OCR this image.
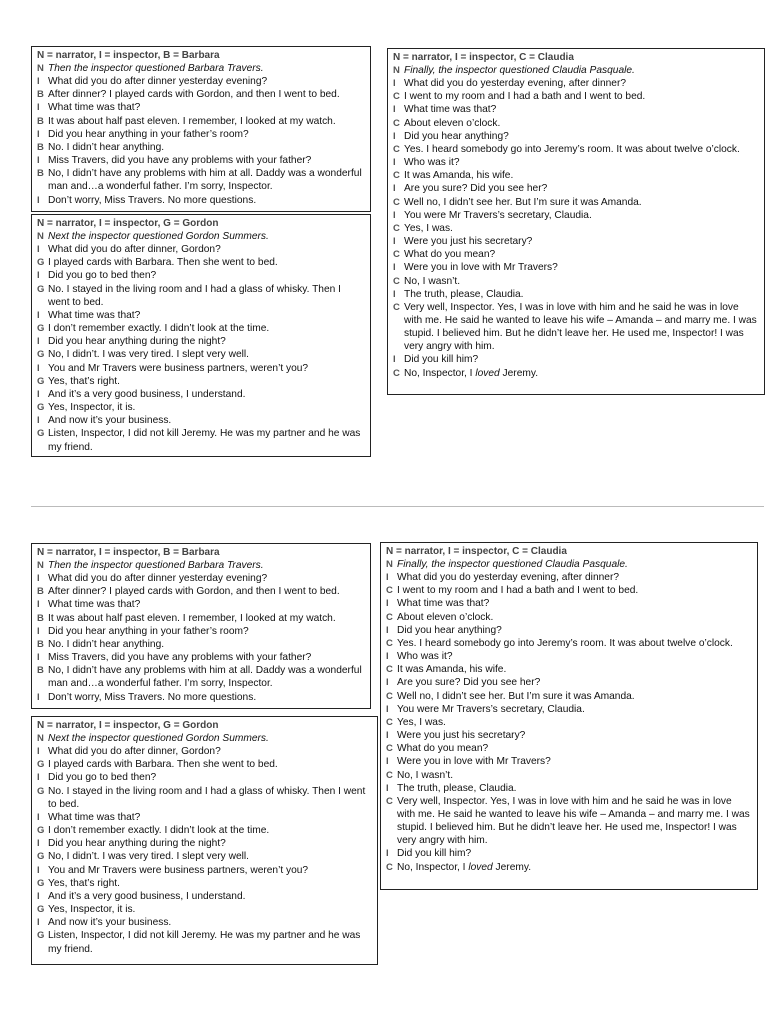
N = narrator, I = inspector, B = Barbara
N Then the inspector questioned Barbara Travers.
I What did you do after dinner yesterday evening?
B After dinner? I played cards with Gordon, and then I went to bed.
I What time was that?
B It was about half past eleven. I remember, I looked at my watch.
I Did you hear anything in your father’s room?
B No. I didn’t hear anything.
I Miss Travers, did you have any problems with your father?
B No, I didn’t have any problems with him at all. Daddy was a wonderful man and…a wonderful father. I’m sorry, Inspector.
I Don’t worry, Miss Travers. No more questions.
N = narrator, I = inspector, G = Gordon
N Next the inspector questioned Gordon Summers.
I What did you do after dinner, Gordon?
G I played cards with Barbara. Then she went to bed.
I Did you go to bed then?
G No. I stayed in the living room and I had a glass of whisky. Then I went to bed.
I What time was that?
G I don’t remember exactly. I didn’t look at the time.
I Did you hear anything during the night?
G No, I didn’t. I was very tired. I slept very well.
I You and Mr Travers were business partners, weren’t you?
G Yes, that’s right.
I And it’s a very good business, I understand.
G Yes, Inspector, it is.
I And now it’s your business.
G Listen, Inspector, I did not kill Jeremy. He was my partner and he was my friend.
N = narrator, I = inspector, C = Claudia
N Finally, the inspector questioned Claudia Pasquale.
I What did you do yesterday evening, after dinner?
C I went to my room and I had a bath and I went to bed.
I What time was that?
C About eleven o’clock.
I Did you hear anything?
C Yes. I heard somebody go into Jeremy’s room. It was about twelve o’clock.
I Who was it?
C It was Amanda, his wife.
I Are you sure? Did you see her?
C Well no, I didn’t see her. But I’m sure it was Amanda.
I You were Mr Travers’s secretary, Claudia.
C Yes, I was.
I Were you just his secretary?
C What do you mean?
I Were you in love with Mr Travers?
C No, I wasn’t.
I The truth, please, Claudia.
C Very well, Inspector. Yes, I was in love with him and he said he was in love with me. He said he wanted to leave his wife – Amanda – and marry me. I was stupid. I believed him. But he didn’t leave her. He used me, Inspector! I was very angry with him.
I Did you kill him?
C No, Inspector, I loved Jeremy.
N = narrator, I = inspector, B = Barbara
N Then the inspector questioned Barbara Travers.
I What did you do after dinner yesterday evening?
B After dinner? I played cards with Gordon, and then I went to bed.
I What time was that?
B It was about half past eleven. I remember, I looked at my watch.
I Did you hear anything in your father’s room?
B No. I didn’t hear anything.
I Miss Travers, did you have any problems with your father?
B No, I didn’t have any problems with him at all. Daddy was a wonderful man and…a wonderful father. I’m sorry, Inspector.
I Don’t worry, Miss Travers. No more questions.
N = narrator, I = inspector, G = Gordon
N Next the inspector questioned Gordon Summers.
I What did you do after dinner, Gordon?
G I played cards with Barbara. Then she went to bed.
I Did you go to bed then?
G No. I stayed in the living room and I had a glass of whisky. Then I went to bed.
I What time was that?
G I don’t remember exactly. I didn’t look at the time.
I Did you hear anything during the night?
G No, I didn’t. I was very tired. I slept very well.
I You and Mr Travers were business partners, weren’t you?
G Yes, that’s right.
I And it’s a very good business, I understand.
G Yes, Inspector, it is.
I And now it’s your business.
G Listen, Inspector, I did not kill Jeremy. He was my partner and he was my friend.
N = narrator, I = inspector, C = Claudia
N Finally, the inspector questioned Claudia Pasquale.
I What did you do yesterday evening, after dinner?
C I went to my room and I had a bath and I went to bed.
I What time was that?
C About eleven o’clock.
I Did you hear anything?
C Yes. I heard somebody go into Jeremy’s room. It was about twelve o’clock.
I Who was it?
C It was Amanda, his wife.
I Are you sure? Did you see her?
C Well no, I didn’t see her. But I’m sure it was Amanda.
I You were Mr Travers’s secretary, Claudia.
C Yes, I was.
I Were you just his secretary?
C What do you mean?
I Were you in love with Mr Travers?
C No, I wasn’t.
I The truth, please, Claudia.
C Very well, Inspector. Yes, I was in love with him and he said he was in love with me. He said he wanted to leave his wife – Amanda – and marry me. I was stupid. I believed him. But he didn’t leave her. He used me, Inspector! I was very angry with him.
I Did you kill him?
C No, Inspector, I loved Jeremy.
